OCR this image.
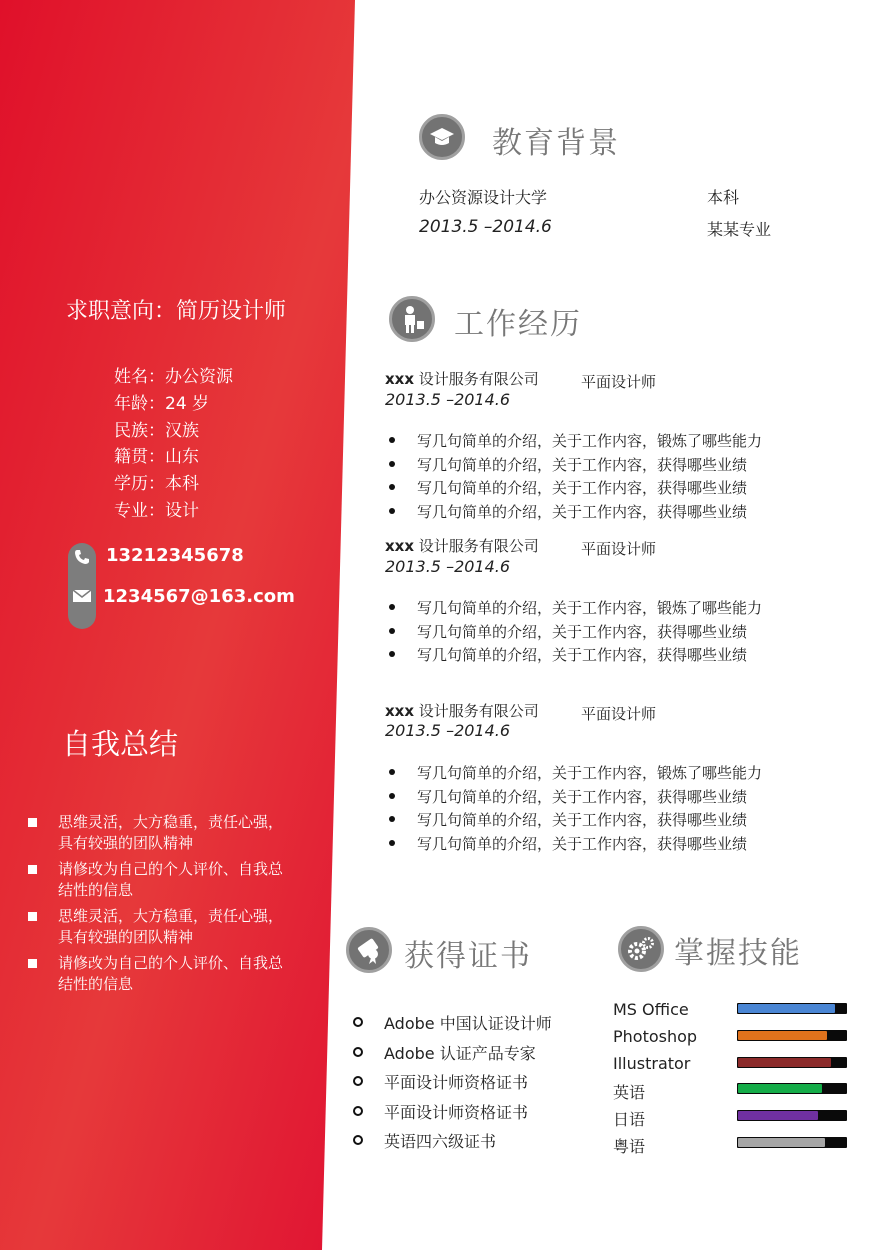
求职意向：简历设计师
姓名：办公资源
年龄：24 岁
民族：汉族
籍贯：山东
学历：本科
专业：设计
13212345678
1234567@163.com
自我总结
思维灵活，大方稳重，责任心强，
具有较强的团队精神
请修改为自己的个人评价、自我总
结性的信息
思维灵活，大方稳重，责任心强，
具有较强的团队精神
请修改为自己的个人评价、自我总
结性的信息
教育背景
办公资源设计大学	本科
2013.5 –2014.6	某某专业
工作经历
xxx 设计服务有限公司	平面设计师
2013.5 –2014.6
写几句简单的介绍，关于工作内容，锻炼了哪些能力
写几句简单的介绍，关于工作内容，获得哪些业绩
写几句简单的介绍，关于工作内容，获得哪些业绩
写几句简单的介绍，关于工作内容，获得哪些业绩
xxx 设计服务有限公司	平面设计师
2013.5 –2014.6
写几句简单的介绍，关于工作内容，锻炼了哪些能力
写几句简单的介绍，关于工作内容，获得哪些业绩
写几句简单的介绍，关于工作内容，获得哪些业绩
xxx 设计服务有限公司	平面设计师
2013.5 –2014.6
写几句简单的介绍，关于工作内容，锻炼了哪些能力
写几句简单的介绍，关于工作内容，获得哪些业绩
写几句简单的介绍，关于工作内容，获得哪些业绩
写几句简单的介绍，关于工作内容，获得哪些业绩
获得证书
Adobe 中国认证设计师
Adobe 认证产品专家
平面设计师资格证书
平面设计师资格证书
英语四六级证书
掌握技能
MS Office
Photoshop
Illustrator
英语
日语
粤语
